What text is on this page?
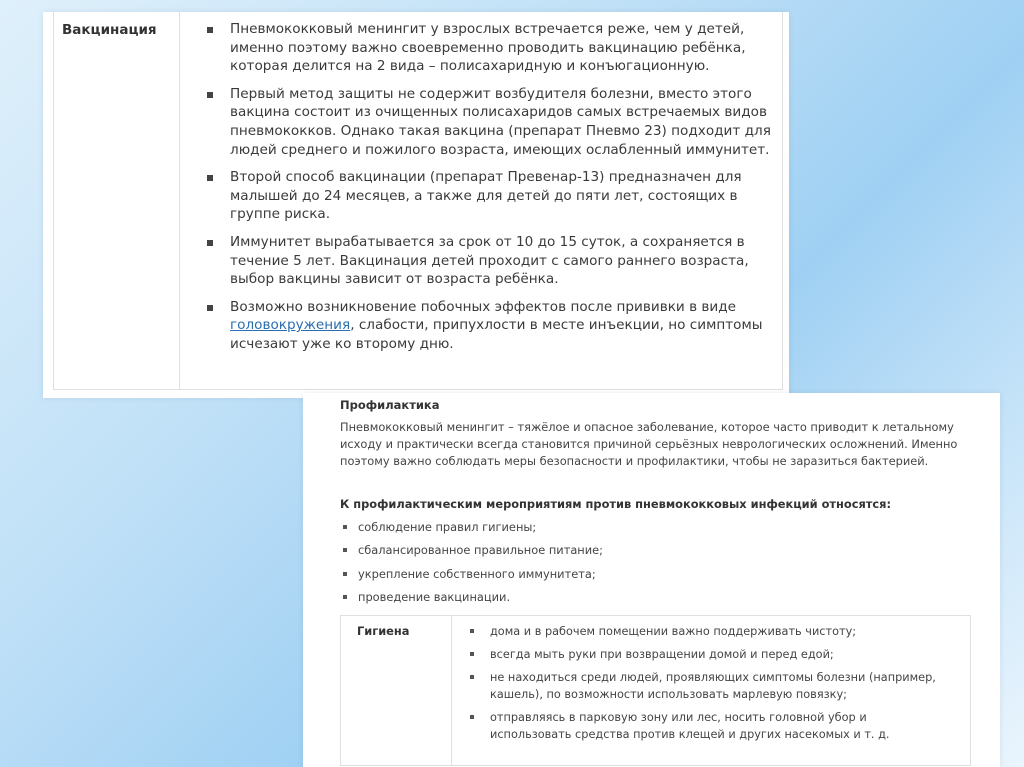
Вакцинация	Пневмококковый менингит у взрослых встречается реже, чем у детей, именно поэтому важно своевременно проводить вакцинацию ребёнка, которая делится на 2 вида – полисахаридную и конъюгационную.
Первый метод защиты не содержит возбудителя болезни, вместо этого вакцина состоит из очищенных полисахаридов самых встречаемых видов пневмококков. Однако такая вакцина (препарат Пневмо 23) подходит для людей среднего и пожилого возраста, имеющих ослабленный иммунитет.
Второй способ вакцинации (препарат Превенар-13) предназначен для малышей до 24 месяцев, а также для детей до пяти лет, состоящих в группе риска.
Иммунитет вырабатывается за срок от 10 до 15 суток, а сохраняется в течение 5 лет. Вакцинация детей проходит с самого раннего возраста, выбор вакцины зависит от возраста ребёнка.
Возможно возникновение побочных эффектов после прививки в виде головокружения, слабости, припухлости в месте инъекции, но симптомы исчезают уже ко второму дню.
Профилактика

Пневмококковый менингит – тяжёлое и опасное заболевание, которое часто приводит к летальному исходу и практически всегда становится причиной серьёзных неврологических осложнений. Именно поэтому важно соблюдать меры безопасности и профилактики, чтобы не заразиться бактерией.

К профилактическим мероприятиям против пневмококковых инфекций относятся:
соблюдение правил гигиены;
сбалансированное правильное питание;
укрепление собственного иммунитета;
проведение вакцинации.
Гигиена	дома и в рабочем помещении важно поддерживать чистоту;
всегда мыть руки при возвращении домой и перед едой;
не находиться среди людей, проявляющих симптомы болезни (например, кашель), по возможности использовать марлевую повязку;
отправляясь в парковую зону или лес, носить головной убор и использовать средства против клещей и других насекомых и т. д.
